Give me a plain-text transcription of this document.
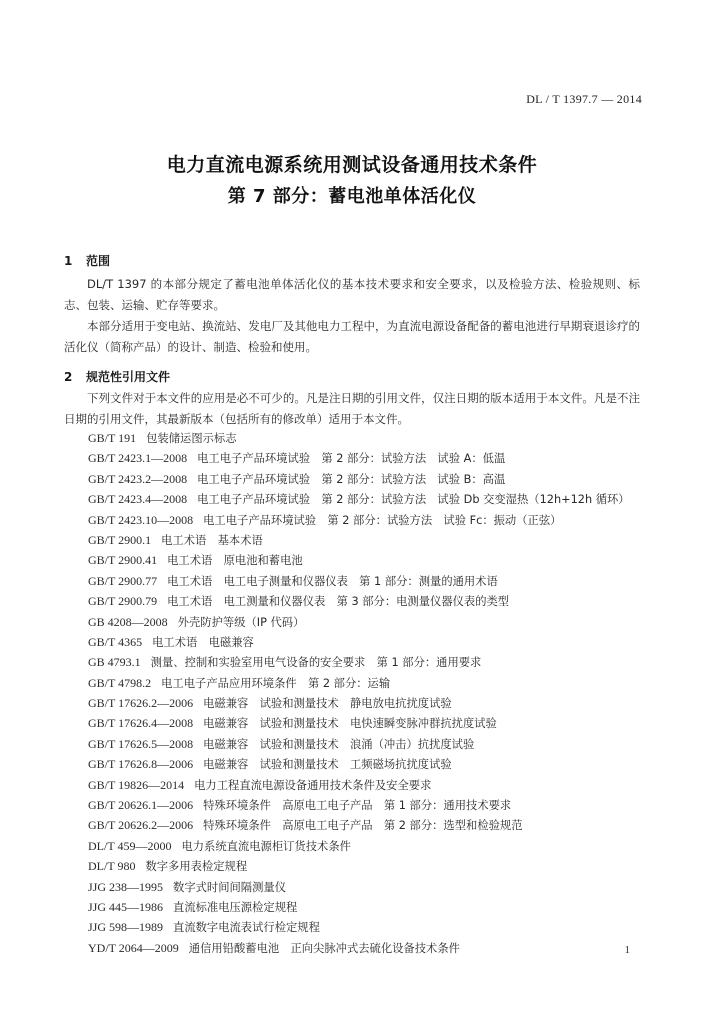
DL / T 1397.7 — 2014
电力直流电源系统用测试设备通用技术条件
第 7 部分：蓄电池单体活化仪
1 范围
DL/T 1397 的本部分规定了蓄电池单体活化仪的基本技术要求和安全要求，以及检验方法、检验规则、标志、包装、运输、贮存等要求。
本部分适用于变电站、换流站、发电厂及其他电力工程中，为直流电源设备配备的蓄电池进行早期衰退诊疗的活化仪（简称产品）的设计、制造、检验和使用。
2 规范性引用文件
下列文件对于本文件的应用是必不可少的。凡是注日期的引用文件，仅注日期的版本适用于本文件。凡是不注日期的引用文件，其最新版本（包括所有的修改单）适用于本文件。
GB/T 191 包装储运图示标志
GB/T 2423.1—2008 电工电子产品环境试验　第 2 部分：试验方法　试验 A：低温
GB/T 2423.2—2008 电工电子产品环境试验　第 2 部分：试验方法　试验 B：高温
GB/T 2423.4—2008 电工电子产品环境试验　第 2 部分：试验方法　试验 Db 交变湿热（12h+12h 循环）
GB/T 2423.10—2008 电工电子产品环境试验　第 2 部分：试验方法　试验 Fc：振动（正弦）
GB/T 2900.1 电工术语　基本术语
GB/T 2900.41 电工术语　原电池和蓄电池
GB/T 2900.77 电工术语　电工电子测量和仪器仪表　第 1 部分：测量的通用术语
GB/T 2900.79 电工术语　电工测量和仪器仪表　第 3 部分：电测量仪器仪表的类型
GB 4208—2008 外壳防护等级（IP 代码）
GB/T 4365 电工术语　电磁兼容
GB 4793.1 测量、控制和实验室用电气设备的安全要求　第 1 部分：通用要求
GB/T 4798.2 电工电子产品应用环境条件　第 2 部分：运输
GB/T 17626.2—2006 电磁兼容　试验和测量技术　静电放电抗扰度试验
GB/T 17626.4—2008 电磁兼容　试验和测量技术　电快速瞬变脉冲群抗扰度试验
GB/T 17626.5—2008 电磁兼容　试验和测量技术　浪涌（冲击）抗扰度试验
GB/T 17626.8—2006 电磁兼容　试验和测量技术　工频磁场抗扰度试验
GB/T 19826—2014 电力工程直流电源设备通用技术条件及安全要求
GB/T 20626.1—2006 特殊环境条件　高原电工电子产品　第 1 部分：通用技术要求
GB/T 20626.2—2006 特殊环境条件　高原电工电子产品　第 2 部分：选型和检验规范
DL/T 459—2000 电力系统直流电源柜订货技术条件
DL/T 980 数字多用表检定规程
JJG 238—1995 数字式时间间隔测量仪
JJG 445—1986 直流标准电压源检定规程
JJG 598—1989 直流数字电流表试行检定规程
YD/T 2064—2009 通信用铅酸蓄电池　正向尖脉冲式去硫化设备技术条件	1
